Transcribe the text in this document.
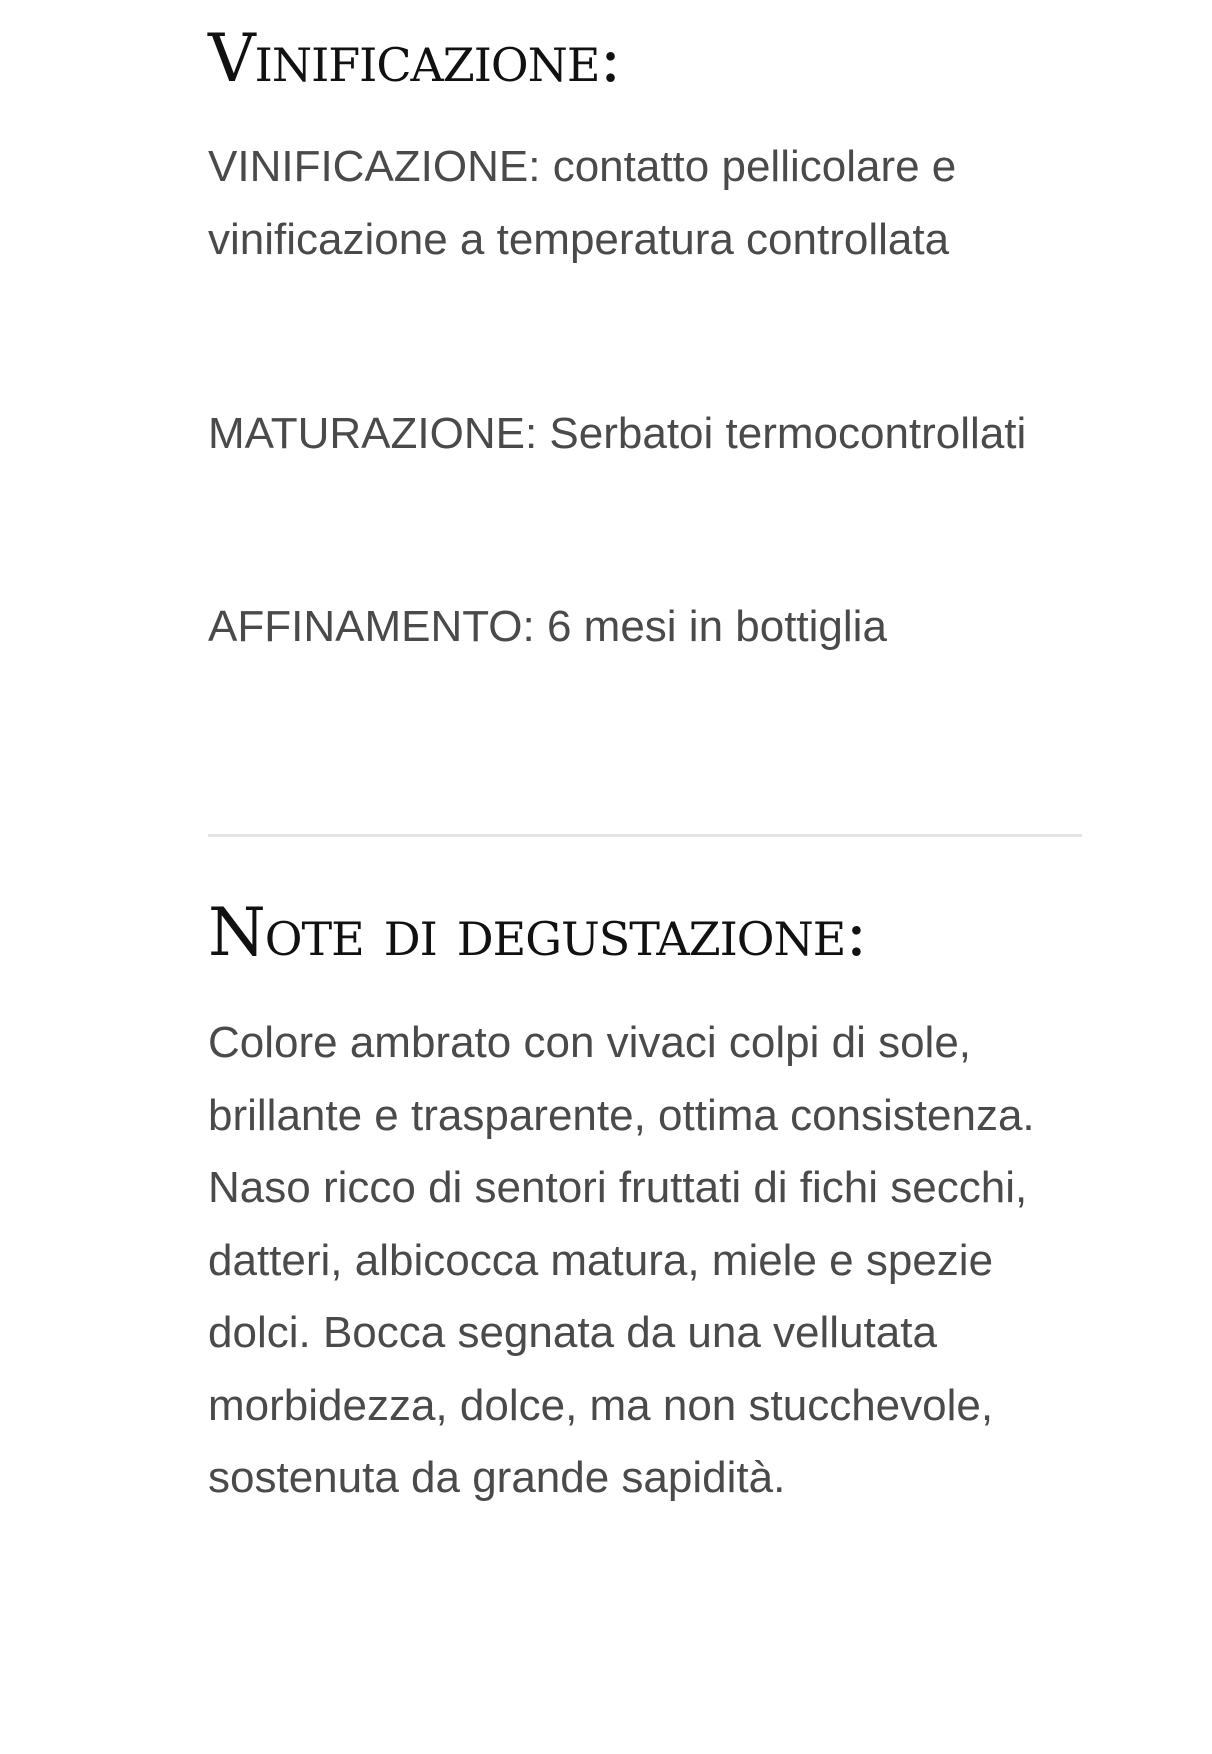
Vinificazione:

VINIFICAZIONE: contatto pellicolare e vinificazione a temperatura controllata

MATURAZIONE: Serbatoi termocontrollati

AFFINAMENTO: 6 mesi in bottiglia

Note di degustazione:

Colore ambrato con vivaci colpi di sole, brillante e trasparente, ottima consistenza. Naso ricco di sentori fruttati di fichi secchi, datteri, albicocca matura, miele e spezie dolci. Bocca segnata da una vellutata morbidezza, dolce, ma non stucchevole, sostenuta da grande sapidità.
